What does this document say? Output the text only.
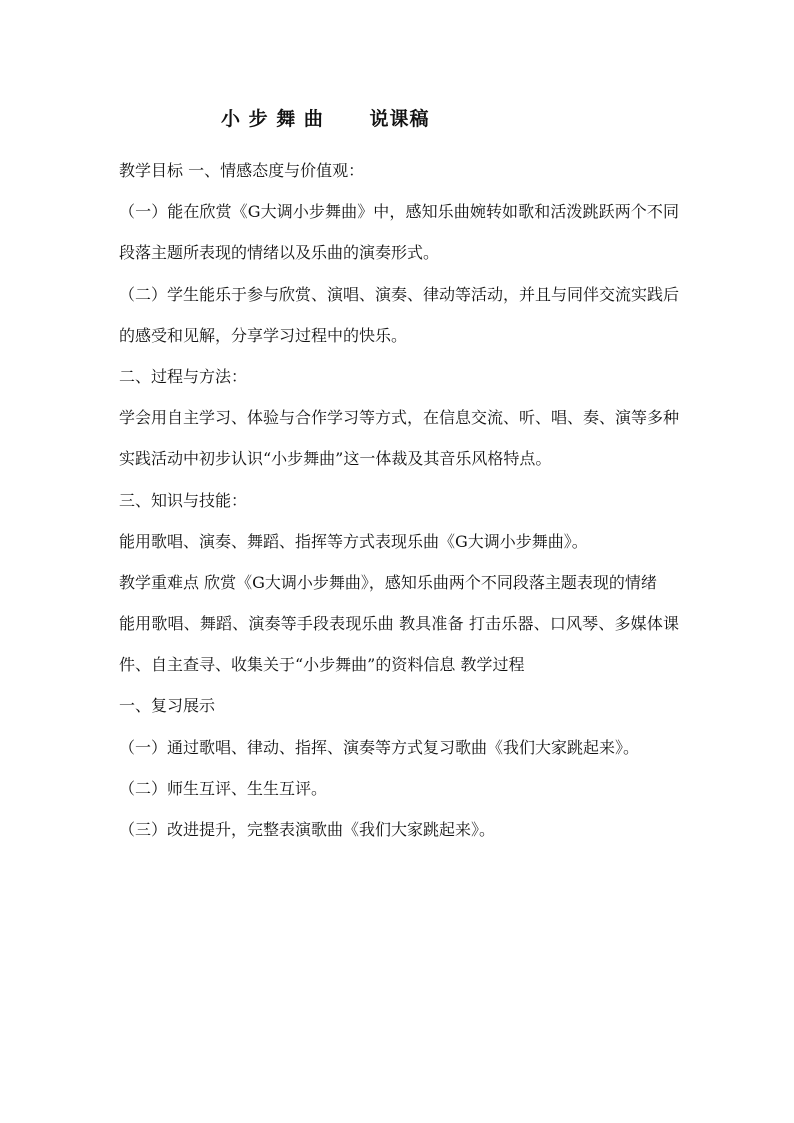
小 步 舞 曲      说课稿

教学目标 一、情感态度与价值观：

（一）能在欣赏《G大调小步舞曲》中，感知乐曲婉转如歌和活泼跳跃两个不同段落主题所表现的情绪以及乐曲的演奏形式。

（二）学生能乐于参与欣赏、演唱、演奏、律动等活动，并且与同伴交流实践后的感受和见解，分享学习过程中的快乐。

二、过程与方法：

学会用自主学习、体验与合作学习等方式，在信息交流、听、唱、奏、演等多种实践活动中初步认识“小步舞曲”这一体裁及其音乐风格特点。

三、知识与技能：

能用歌唱、演奏、舞蹈、指挥等方式表现乐曲《G大调小步舞曲》。

教学重难点 欣赏《G大调小步舞曲》，感知乐曲两个不同段落主题表现的情绪

能用歌唱、舞蹈、演奏等手段表现乐曲 教具准备 打击乐器、口风琴、多媒体课件、自主查寻、收集关于“小步舞曲”的资料信息 教学过程

一、复习展示

（一）通过歌唱、律动、指挥、演奏等方式复习歌曲《我们大家跳起来》。

（二）师生互评、生生互评。

（三）改进提升，完整表演歌曲《我们大家跳起来》。
